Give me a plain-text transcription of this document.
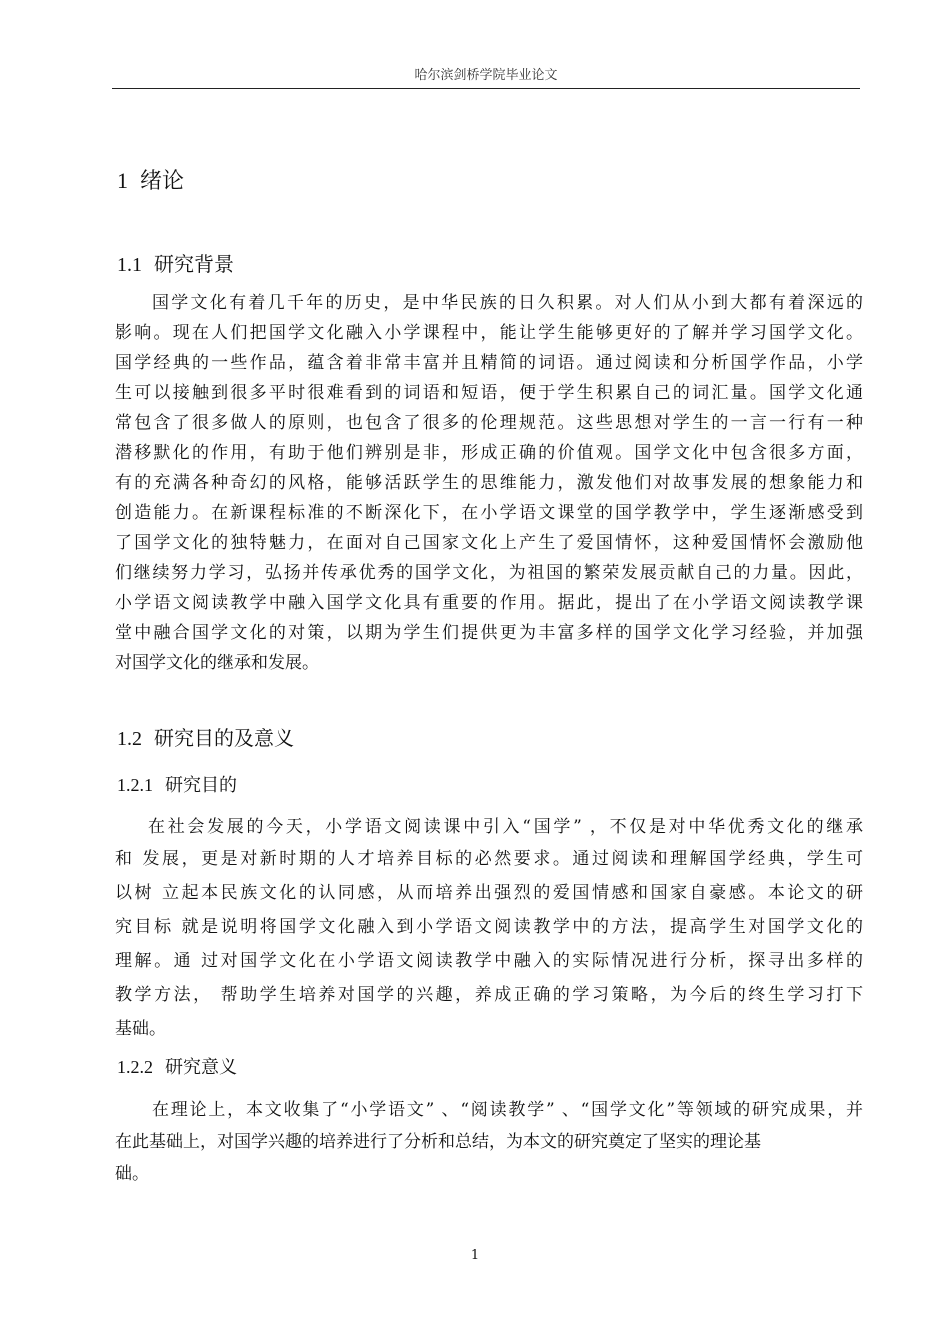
哈尔滨剑桥学院毕业论文
1 绪论
1.1 研究背景
国学文化有着几千年的历史，是中华民族的日久积累。对人们从小到大都有着深远的
影响。现在人们把国学文化融入小学课程中，能让学生能够更好的了解并学习国学文化。
国学经典的一些作品，蕴含着非常丰富并且精简的词语。通过阅读和分析国学作品，小学
生可以接触到很多平时很难看到的词语和短语，便于学生积累自己的词汇量。国学文化通
常包含了很多做人的原则，也包含了很多的伦理规范。这些思想对学生的一言一行有一种
潜移默化的作用，有助于他们辨别是非，形成正确的价值观。国学文化中包含很多方面，
有的充满各种奇幻的风格，能够活跃学生的思维能力，激发他们对故事发展的想象能力和
创造能力。在新课程标准的不断深化下，在小学语文课堂的国学教学中，学生逐渐感受到
了国学文化的独特魅力，在面对自己国家文化上产生了爱国情怀，这种爱国情怀会激励他
们继续努力学习，弘扬并传承优秀的国学文化，为祖国的繁荣发展贡献自己的力量。因此，
小学语文阅读教学中融入国学文化具有重要的作用。据此，提出了在小学语文阅读教学课
堂中融合国学文化的对策，以期为学生们提供更为丰富多样的国学文化学习经验，并加强
对国学文化的继承和发展。
1.2 研究目的及意义
1.2.1 研究目的
在社会发展的今天，小学语文阅读课中引入“国学” ，不仅是对中华优秀文化的继承
和 发展，更是对新时期的人才培养目标的必然要求。通过阅读和理解国学经典，学生可
以树 立起本民族文化的认同感，从而培养出强烈的爱国情感和国家自豪感。本论文的研
究目标 就是说明将国学文化融入到小学语文阅读教学中的方法，提高学生对国学文化的
理解。通 过对国学文化在小学语文阅读教学中融入的实际情况进行分析，探寻出多样的
教学方法， 帮助学生培养对国学的兴趣，养成正确的学习策略，为今后的终生学习打下
基础。
1.2.2 研究意义
在理论上，本文收集了“小学语文” 、“阅读教学” 、“国学文化”等领域的研究成果，并
在此基础上，对国学兴趣的培养进行了分析和总结，为本文的研究奠定了坚实的理论基
础。
1
